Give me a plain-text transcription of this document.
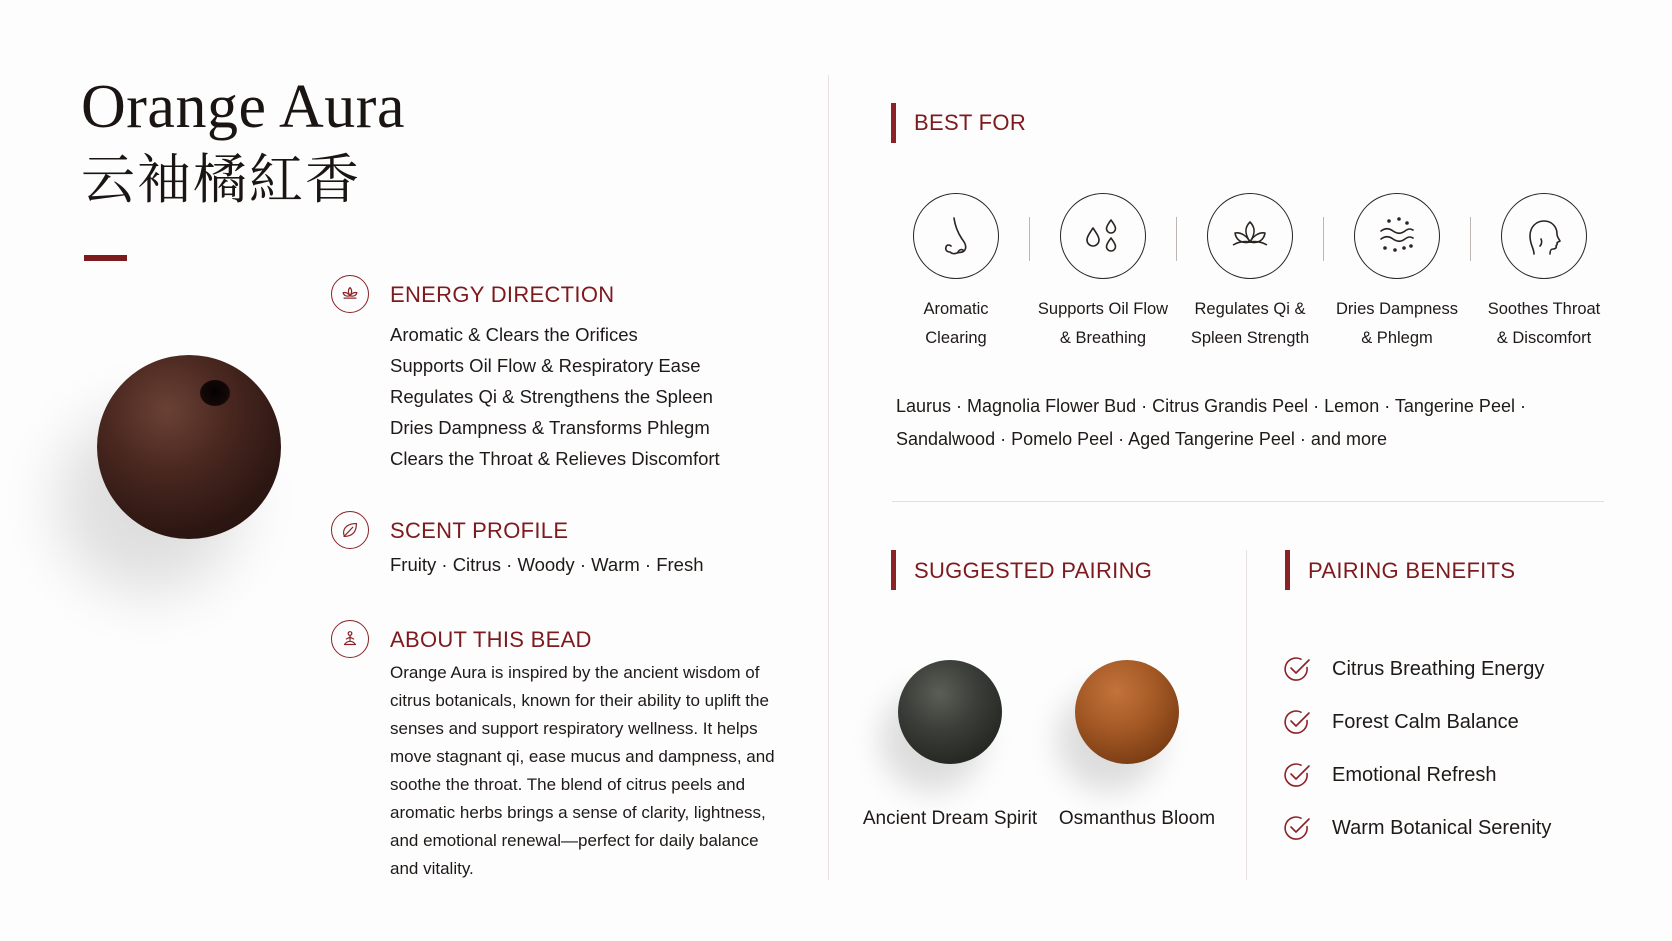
Orange Aura
云袖橘紅香
ENERGY DIRECTION
Aromatic & Clears the Orifices
Supports Oil Flow & Respiratory Ease
Regulates Qi & Strengthens the Spleen
Dries Dampness & Transforms Phlegm
Clears the Throat & Relieves Discomfort
SCENT PROFILE
Fruity · Citrus · Woody · Warm · Fresh
ABOUT THIS BEAD

Orange Aura is inspired by the ancient wisdom of citrus botanicals, known for their ability to uplift the senses and support respiratory wellness. It helps move stagnant qi, ease mucus and dampness, and soothe the throat. The blend of citrus peels and aromatic herbs brings a sense of clarity, lightness, and emotional renewal—perfect for daily balance and vitality.

BEST FOR
Aromatic
Clearing
Supports Oil Flow
& Breathing
Regulates Qi &
Spleen Strength
Dries Dampness
& Phlegm
Soothes Throat
& Discomfort
Laurus · Magnolia Flower Bud · Citrus Grandis Peel · Lemon · Tangerine Peel ·
Sandalwood · Pomelo Peel · Aged Tangerine Peel · and more
SUGGESTED PAIRING
Ancient Dream Spirit	Osmanthus Bloom
PAIRING BENEFITS
Citrus Breathing Energy
Forest Calm Balance
Emotional Refresh
Warm Botanical Serenity
